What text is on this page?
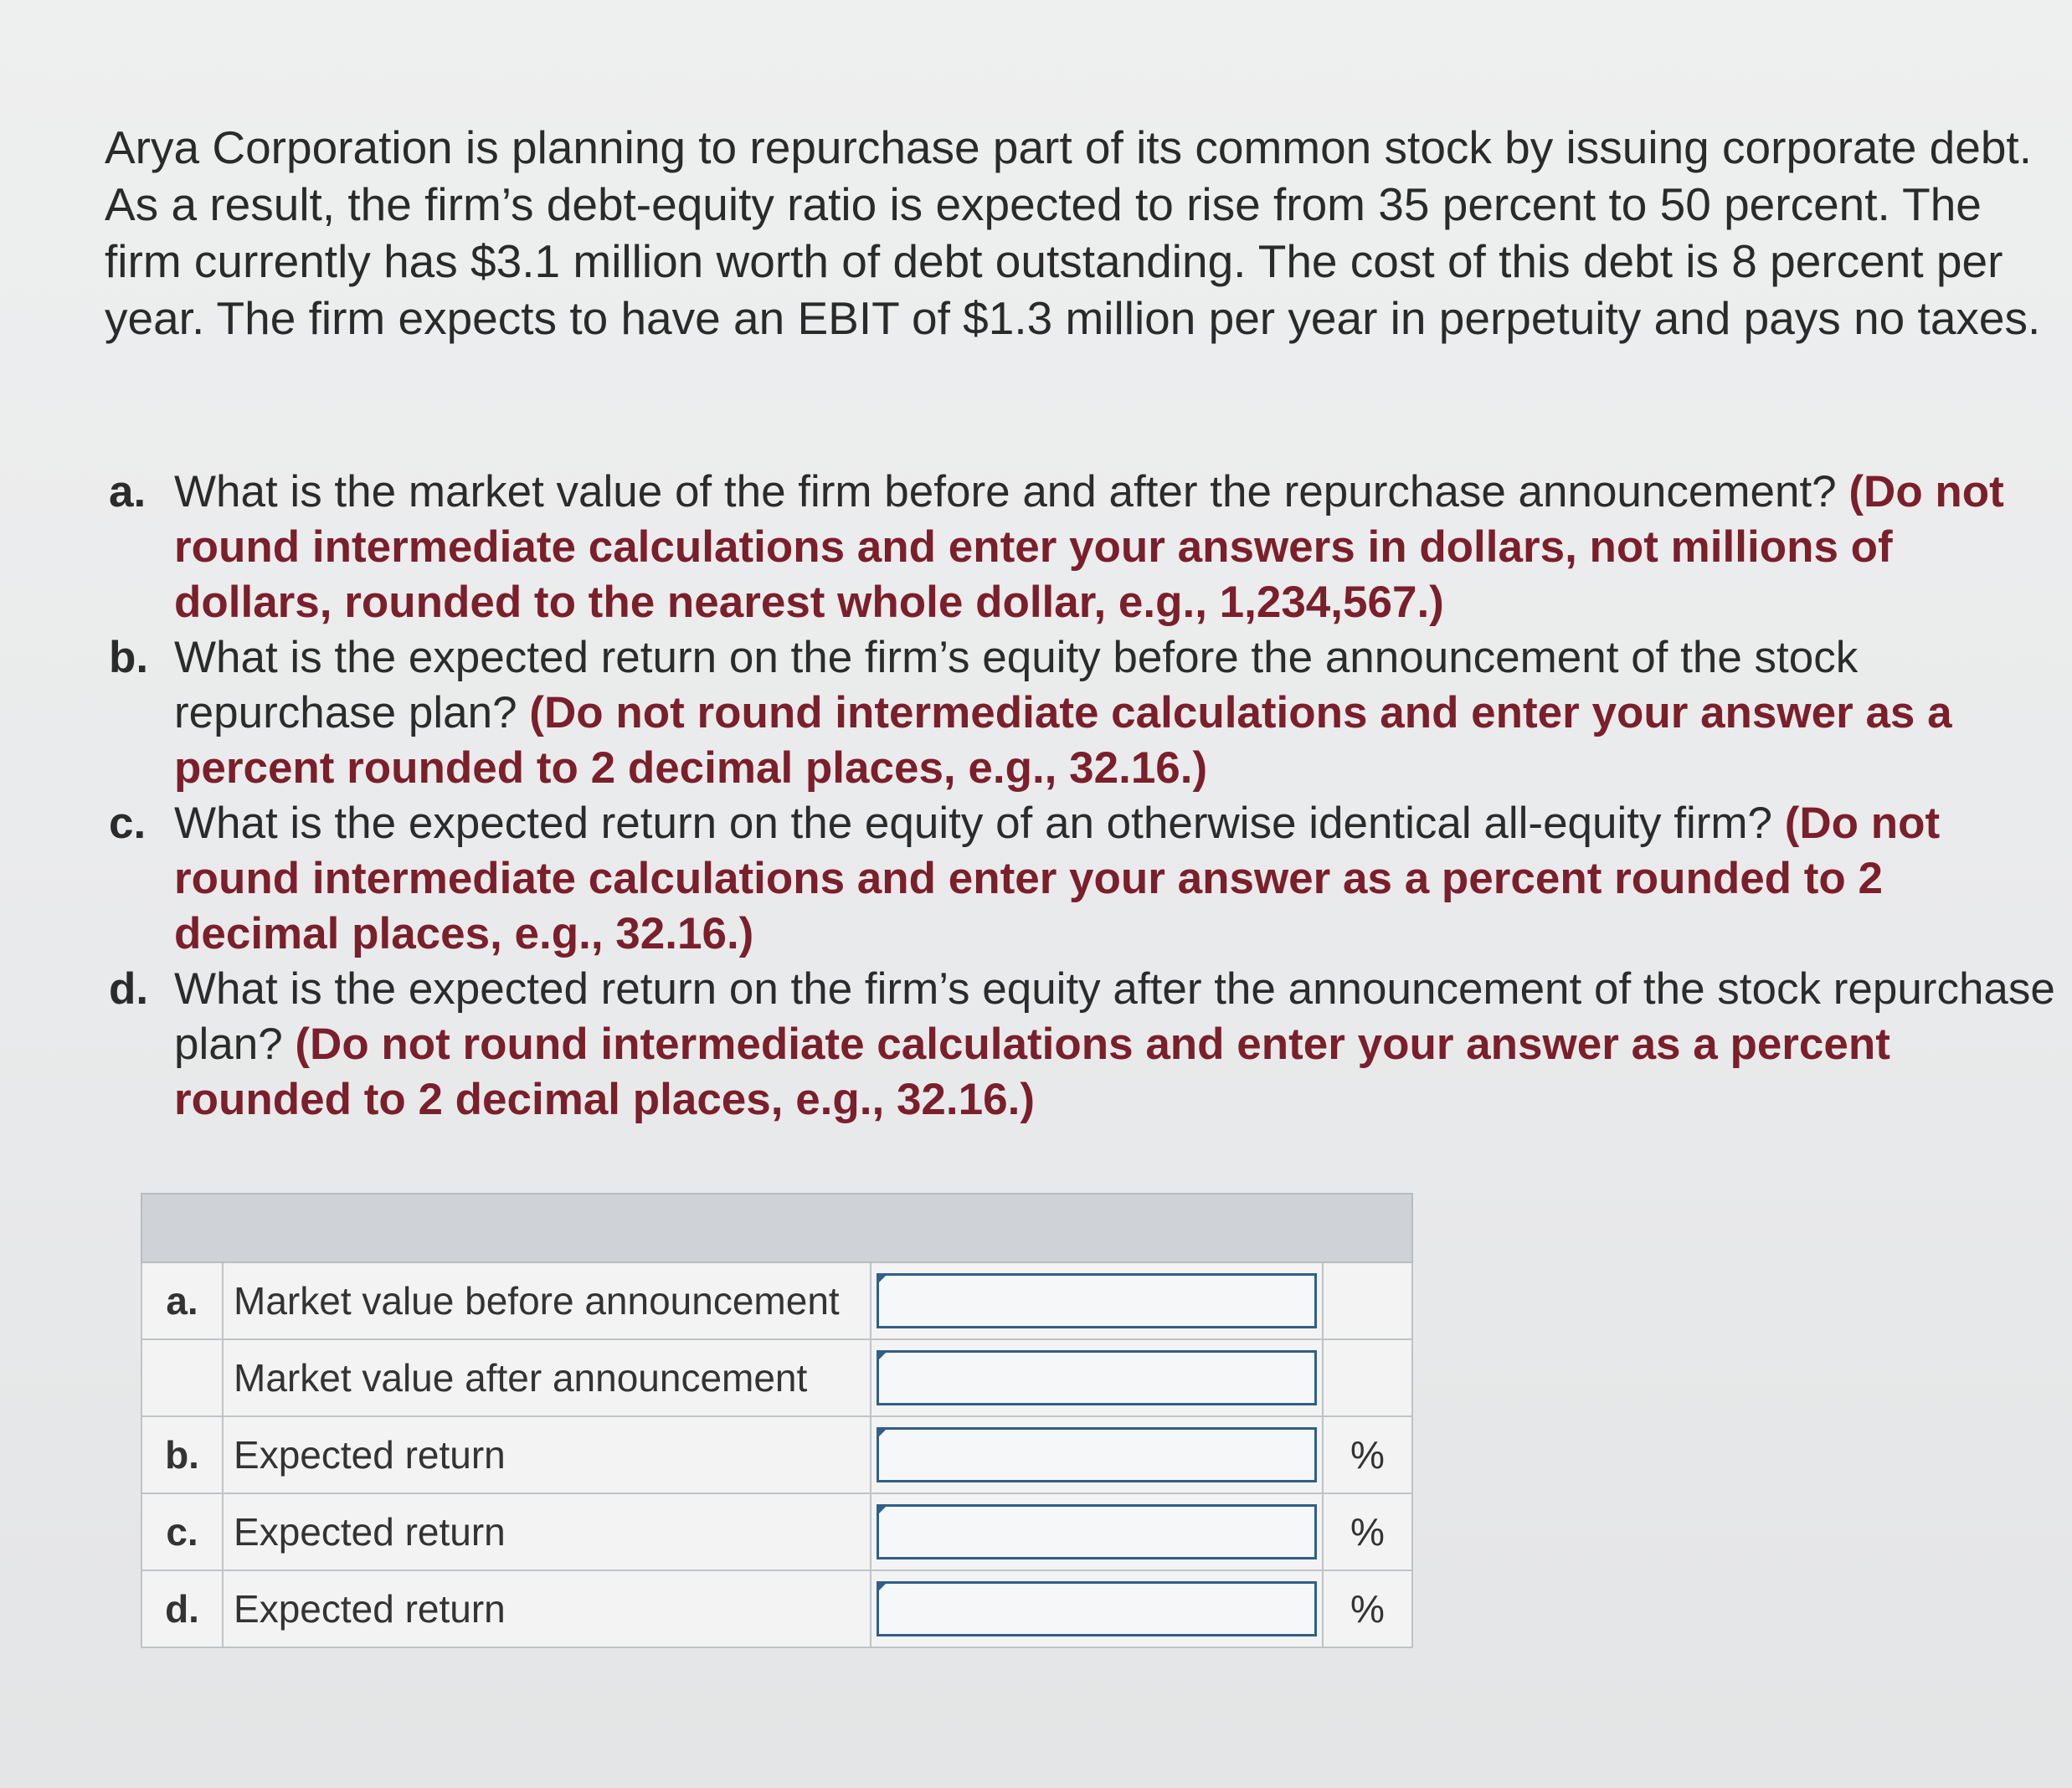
Arya Corporation is planning to repurchase part of its common stock by issuing corporate debt. As a result, the firm’s debt-equity ratio is expected to rise from 35 percent to 50 percent. The firm currently has $3.1 million worth of debt outstanding. The cost of this debt is 8 percent per year. The firm expects to have an EBIT of $1.3 million per year in perpetuity and pays no taxes.

a. What is the market value of the firm before and after the repurchase announcement? (Do not round intermediate calculations and enter your answers in dollars, not millions of dollars, rounded to the nearest whole dollar, e.g., 1,234,567.)
b. What is the expected return on the firm’s equity before the announcement of the stock repurchase plan? (Do not round intermediate calculations and enter your answer as a percent rounded to 2 decimal places, e.g., 32.16.)
c. What is the expected return on the equity of an otherwise identical all-equity firm? (Do not round intermediate calculations and enter your answer as a percent rounded to 2 decimal places, e.g., 32.16.)
d. What is the expected return on the firm’s equity after the announcement of the stock repurchase plan? (Do not round intermediate calculations and enter your answer as a percent rounded to 2 decimal places, e.g., 32.16.)

a.	Market value before announcement	

	Market value after announcement	

b.	Expected return		%
c.	Expected return		%
d.	Expected return		%
